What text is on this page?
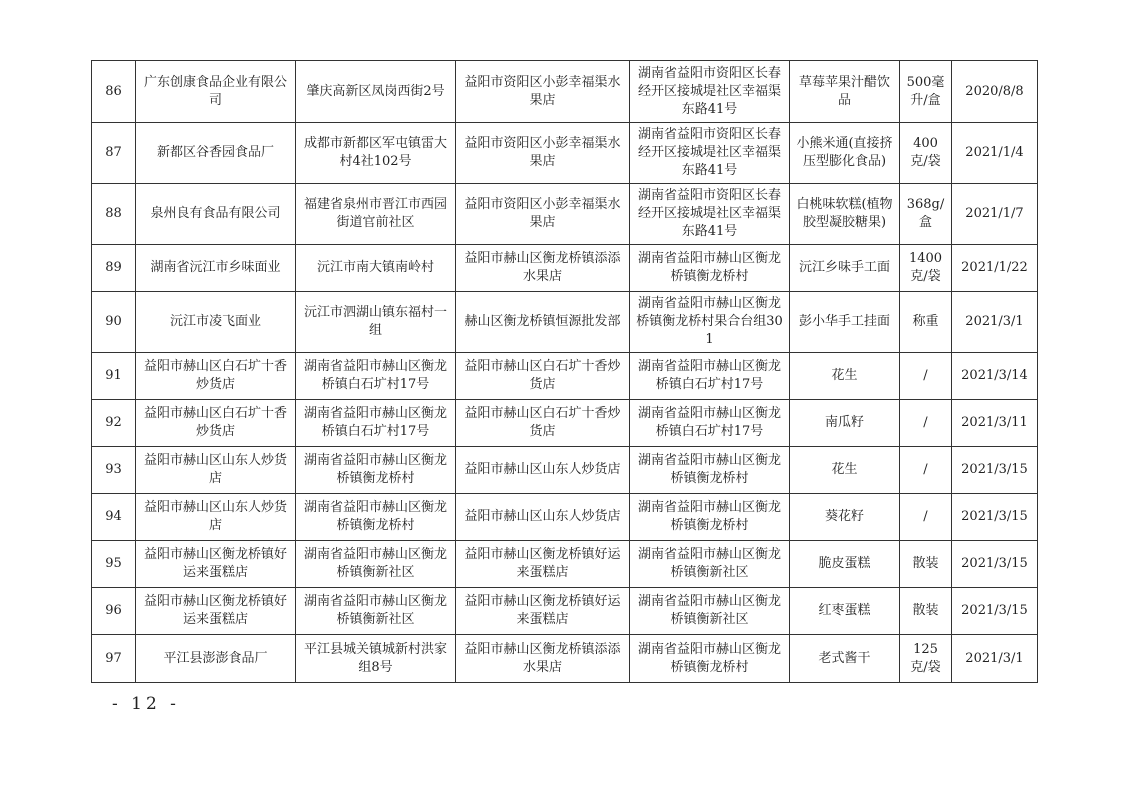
86	广东创康食品企业有限公司	肇庆高新区凤岗西街2号	益阳市资阳区小彭幸福渠水果店	湖南省益阳市资阳区长春经开区接城堤社区幸福渠东路41号	草莓苹果汁醋饮品	500毫升/盒	2020/8/8
87	新都区谷香园食品厂	成都市新都区军屯镇雷大村4社102号	益阳市资阳区小彭幸福渠水果店	湖南省益阳市资阳区长春经开区接城堤社区幸福渠东路41号	小熊米通(直接挤压型膨化食品)	400克/袋	2021/1/4
88	泉州良有食品有限公司	福建省泉州市晋江市西园街道官前社区	益阳市资阳区小彭幸福渠水果店	湖南省益阳市资阳区长春经开区接城堤社区幸福渠东路41号	白桃味软糕(植物胶型凝胶糖果)	368g/盒	2021/1/7
89	湖南省沅江市乡味面业	沅江市南大镇南岭村	益阳市赫山区衡龙桥镇添添水果店	湖南省益阳市赫山区衡龙桥镇衡龙桥村	沅江乡味手工面	1400克/袋	2021/1/22
90	沅江市凌飞面业	沅江市泗湖山镇东福村一组	赫山区衡龙桥镇恒源批发部	湖南省益阳市赫山区衡龙桥镇衡龙桥村果合台组301	彭小华手工挂面	称重	2021/3/1
91	益阳市赫山区白石圹十香炒货店	湖南省益阳市赫山区衡龙桥镇白石圹村17号	益阳市赫山区白石圹十香炒货店	湖南省益阳市赫山区衡龙桥镇白石圹村17号	花生	/	2021/3/14
92	益阳市赫山区白石圹十香炒货店	湖南省益阳市赫山区衡龙桥镇白石圹村17号	益阳市赫山区白石圹十香炒货店	湖南省益阳市赫山区衡龙桥镇白石圹村17号	南瓜籽	/	2021/3/11
93	益阳市赫山区山东人炒货店	湖南省益阳市赫山区衡龙桥镇衡龙桥村	益阳市赫山区山东人炒货店	湖南省益阳市赫山区衡龙桥镇衡龙桥村	花生	/	2021/3/15
94	益阳市赫山区山东人炒货店	湖南省益阳市赫山区衡龙桥镇衡龙桥村	益阳市赫山区山东人炒货店	湖南省益阳市赫山区衡龙桥镇衡龙桥村	葵花籽	/	2021/3/15
95	益阳市赫山区衡龙桥镇好运来蛋糕店	湖南省益阳市赫山区衡龙桥镇衡新社区	益阳市赫山区衡龙桥镇好运来蛋糕店	湖南省益阳市赫山区衡龙桥镇衡新社区	脆皮蛋糕	散装	2021/3/15
96	益阳市赫山区衡龙桥镇好运来蛋糕店	湖南省益阳市赫山区衡龙桥镇衡新社区	益阳市赫山区衡龙桥镇好运来蛋糕店	湖南省益阳市赫山区衡龙桥镇衡新社区	红枣蛋糕	散装	2021/3/15
97	平江县澎澎食品厂	平江县城关镇城新村洪家组8号	益阳市赫山区衡龙桥镇添添水果店	湖南省益阳市赫山区衡龙桥镇衡龙桥村	老式酱干	125克/袋	2021/3/1
- 12 -
